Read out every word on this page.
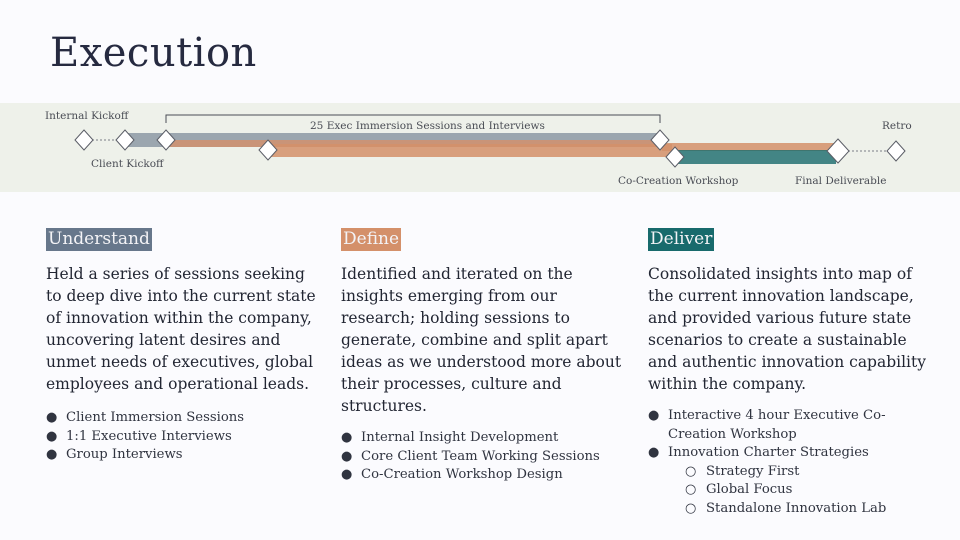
Execution
Internal Kickoff
Client Kickoff
25 Exec Immersion Sessions and Interviews
Co-Creation Workshop	Final Deliverable
Retro
Understand

Held a series of sessions seeking to deep dive into the current state of innovation within the company, uncovering latent desires and unmet needs of executives, global employees and operational leads.

● Client Immersion Sessions
● 1:1 Executive Interviews
● Group Interviews
Define

Identified and iterated on the insights emerging from our research; holding sessions to generate, combine and split apart ideas as we understood more about their processes, culture and structures.

● Internal Insight Development
● Core Client Team Working Sessions
● Co-Creation Workshop Design
Deliver

Consolidated insights into map of the current innovation landscape, and provided various future state scenarios to create a sustainable and authentic innovation capability within the company.

● Interactive 4 hour Executive Co-Creation Workshop
● Innovation Charter Strategies
○ Strategy First
○ Global Focus
○ Standalone Innovation Lab
